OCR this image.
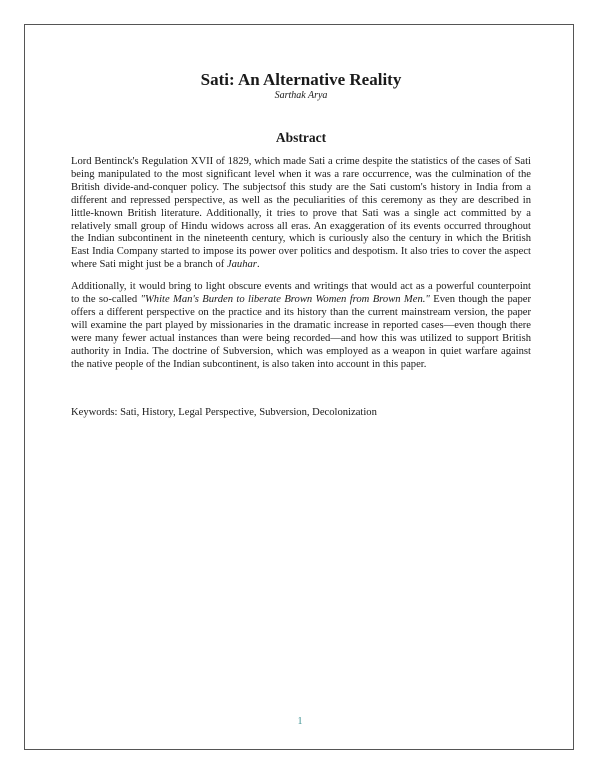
Sati: An Alternative Reality

Sarthak Arya

Abstract

Lord Bentinck's Regulation XVII of 1829, which made Sati a crime despite the statistics of the cases of Sati being manipulated to the most significant level when it was a rare occurrence, was the culmination of the British divide-and-conquer policy. The subjectsof this study are the Sati custom's history in India from a different and repressed perspective, as well as the peculiarities of this ceremony as they are described in little-known British literature. Additionally, it tries to prove that Sati was a single act committed by a relatively small group of Hindu widows across all eras. An exaggeration of its events occurred throughout the Indian subcontinent in the nineteenth century, which is curiously also the century in which the British East India Company started to impose its power over politics and despotism. It also tries to cover the aspect where Sati might just be a branch of Jauhar.

Additionally, it would bring to light obscure events and writings that would act as a powerful counterpoint to the so-called "White Man's Burden to liberate Brown Women from Brown Men." Even though the paper offers a different perspective on the practice and its history than the current mainstream version, the paper will examine the part played by missionaries in the dramatic increase in reported cases—even though there were many fewer actual instances than were being recorded—and how this was utilized to support British authority in India. The doctrine of Subversion, which was employed as a weapon in quiet warfare against the native people of the Indian subcontinent, is also taken into account in this paper.

Keywords: Sati, History, Legal Perspective, Subversion, Decolonization

1
